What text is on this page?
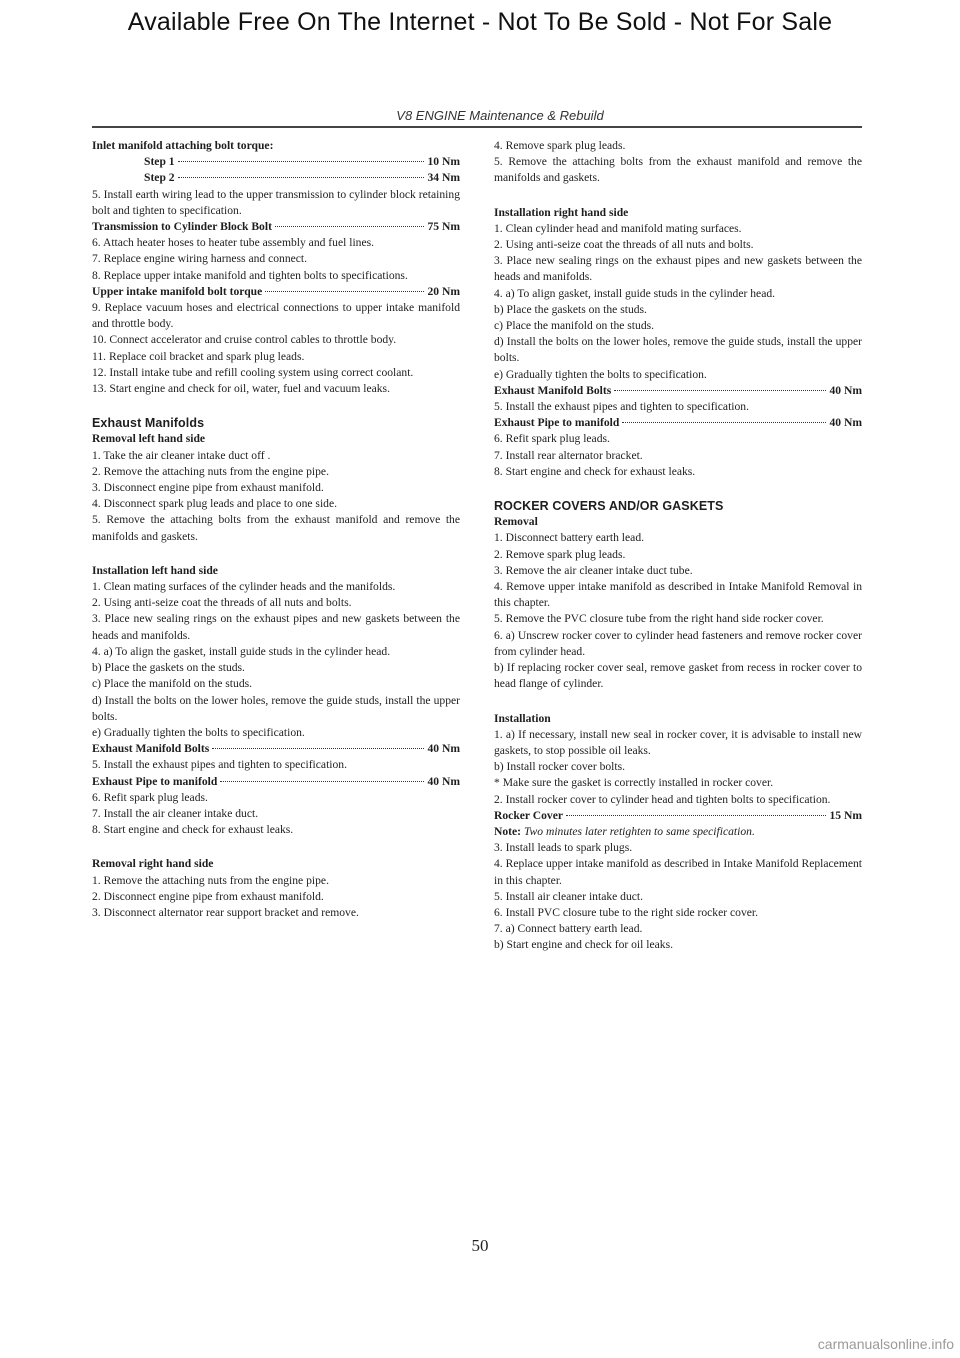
Available Free On The Internet - Not To Be Sold - Not For Sale
V8 ENGINE Maintenance & Rebuild

Inlet manifold attaching bolt torque:

Step 1	10 Nm
Step 2	34 Nm

5. Install earth wiring lead to the upper transmission to cylinder block retaining bolt and tighten to specification.

Transmission to Cylinder Block Bolt	75 Nm

6. Attach heater hoses to heater tube assembly and fuel lines.

7. Replace engine wiring harness and connect.

8. Replace upper intake manifold and tighten bolts to specifications.

Upper intake manifold bolt torque	20 Nm

9. Replace vacuum hoses and electrical connections to upper intake manifold and throttle body.

10. Connect accelerator and cruise control cables to throttle body.

11. Replace coil bracket and spark plug leads.

12. Install intake tube and refill cooling system using correct coolant.

13. Start engine and check for oil, water, fuel and vacuum leaks.

Exhaust Manifolds

Removal left hand side

1. Take the air cleaner intake duct off .

2. Remove the attaching nuts from the engine pipe.

3. Disconnect engine pipe from exhaust manifold.

4. Disconnect spark plug leads and place to one side.

5. Remove the attaching bolts from the exhaust manifold and remove the manifolds and gaskets.

Installation left hand side

1. Clean mating surfaces of the cylinder heads and the manifolds.

2. Using anti-seize coat the threads of all nuts and bolts.

3. Place new sealing rings on the exhaust pipes and new gaskets between the heads and manifolds.

4. a) To align the gasket, install guide studs in the cylinder head.

b) Place the gaskets on the studs.

c) Place the manifold on the studs.

d) Install the bolts on the lower holes, remove the guide studs, install the upper bolts.

e) Gradually tighten the bolts to specification.

Exhaust Manifold Bolts	40 Nm

5. Install the exhaust pipes and tighten to specification.

Exhaust Pipe to manifold	40 Nm

6. Refit spark plug leads.

7. Install the air cleaner intake duct.

8. Start engine and check for exhaust leaks.

Removal right hand side

1. Remove the attaching nuts from the engine pipe.

2. Disconnect engine pipe from exhaust manifold.

3. Disconnect alternator rear support bracket and remove.

4. Remove spark plug leads.

5. Remove the attaching bolts from the exhaust manifold and remove the manifolds and gaskets.

Installation right hand side

1. Clean cylinder head and manifold mating surfaces.

2. Using anti-seize coat the threads of all nuts and bolts.

3. Place new sealing rings on the exhaust pipes and new gaskets between the heads and manifolds.

4. a) To align gasket, install guide studs in the cylinder head.

b) Place the gaskets on the studs.

c) Place the manifold on the studs.

d) Install the bolts on the lower holes, remove the guide studs, install the upper bolts.

e) Gradually tighten the bolts to specification.

Exhaust Manifold Bolts	40 Nm

5. Install the exhaust pipes and tighten to specification.

Exhaust Pipe to manifold	40 Nm

6. Refit spark plug leads.

7. Install rear alternator bracket.

8. Start engine and check for exhaust leaks.

ROCKER COVERS AND/OR GASKETS

Removal

1. Disconnect battery earth lead.

2. Remove spark plug leads.

3. Remove the air cleaner intake duct tube.

4. Remove upper intake manifold as described in Intake Manifold Removal in this chapter.

5. Remove the PVC closure tube from the right hand side rocker cover.

6. a) Unscrew rocker cover to cylinder head fasteners and remove rocker cover from cylinder head.

b) If replacing rocker cover seal, remove gasket from recess in rocker cover to head flange of cylinder.

Installation

1. a) If necessary, install new seal in rocker cover, it is advisable to install new gaskets, to stop possible oil leaks.

b) Install rocker cover bolts.

* Make sure the gasket is correctly installed in rocker cover.

2. Install rocker cover to cylinder head and tighten bolts to specification.

Rocker Cover	15 Nm

Note: Two minutes later retighten to same specification.

3. Install leads to spark plugs.

4. Replace upper intake manifold as described in Intake Manifold Replacement in this chapter.

5. Install air cleaner intake duct.

6. Install PVC closure tube to the right side rocker cover.

7. a) Connect battery earth lead.

b) Start engine and check for oil leaks.

50
carmanualsonline.info
